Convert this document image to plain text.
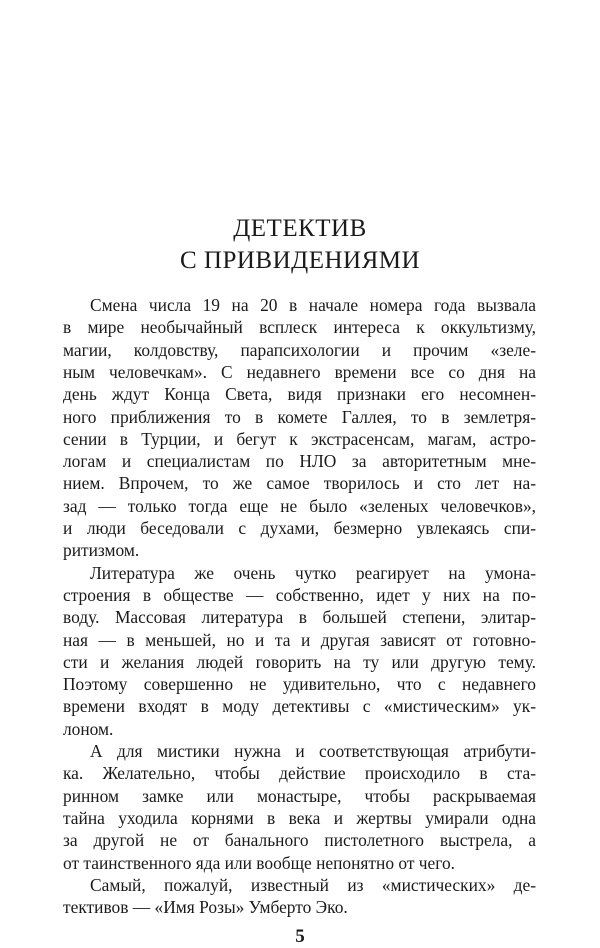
ДЕТЕКТИВ
С ПРИВИДЕНИЯМИ
Смена числа 19 на 20 в начале номера года вызвала
в мире необычайный всплеск интереса к оккультизму,
магии, колдовству, парапсихологии и прочим «зеле-
ным человечкам». С недавнего времени все со дня на
день ждут Конца Света, видя признаки его несомнен-
ного приближения то в комете Галлея, то в землетря-
сении в Турции, и бегут к экстрасенсам, магам, астро-
логам и специалистам по НЛО за авторитетным мне-
нием. Впрочем, то же самое творилось и сто лет на-
зад — только тогда еще не было «зеленых человечков»,
и люди беседовали с духами, безмерно увлекаясь спи-
ритизмом.
Литература же очень чутко реагирует на умона-
строения в обществе — собственно, идет у них на по-
воду. Массовая литература в большей степени, элитар-
ная — в меньшей, но и та и другая зависят от готовно-
сти и желания людей говорить на ту или другую тему.
Поэтому совершенно не удивительно, что с недавнего
времени входят в моду детективы с «мистическим» ук-
лоном.
А для мистики нужна и соответствующая атрибути-
ка. Желательно, чтобы действие происходило в ста-
ринном замке или монастыре, чтобы раскрываемая
тайна уходила корнями в века и жертвы умирали одна
за другой не от банального пистолетного выстрела, а
от таинственного яда или вообще непонятно от чего.
Самый, пожалуй, известный из «мистических» де-
тективов — «Имя Розы» Умберто Эко.
5
